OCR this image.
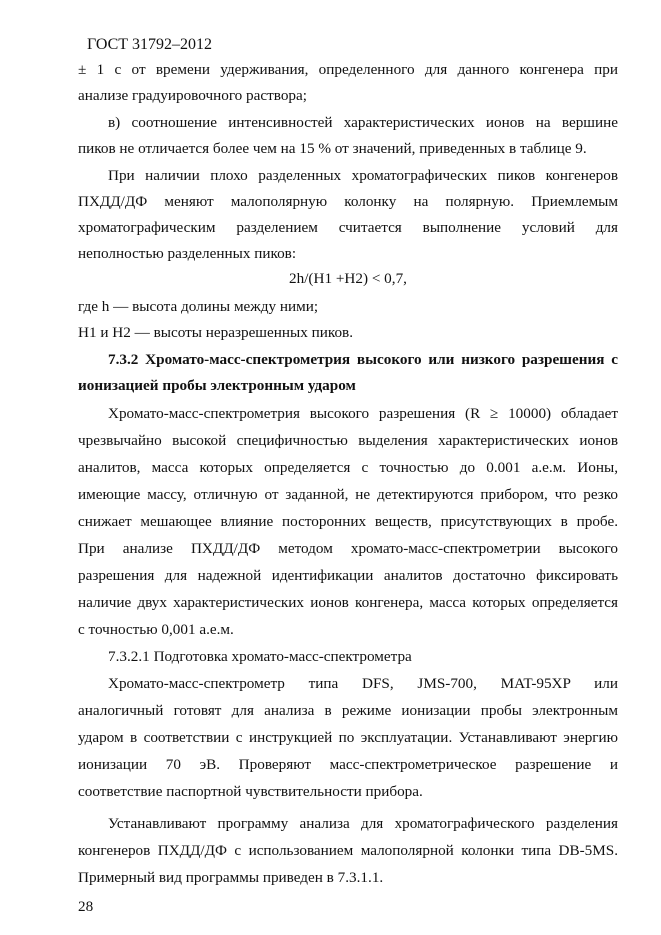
ГОСТ 31792–2012
± 1 с от времени удерживания, определенного для данного конгенера при
анализе градуировочного раствора;
в) соотношение интенсивностей характеристических ионов на вершине
пиков не отличается более чем на 15 % от значений, приведенных в таблице 9.
При наличии плохо разделенных хроматографических пиков конгенеров
ПХДД/ДФ меняют малополярную колонку на полярную. Приемлемым
хроматографическим разделением считается выполнение условий для
неполностью разделенных пиков:
2h/(H1 +H2) < 0,7,
где h — высота долины между ними;
H1 и H2 — высоты неразрешенных пиков.
7.3.2 Хромато-масс-спектрометрия высокого или низкого разрешения с
ионизацией пробы электронным ударом
Хромато-масс-спектрометрия высокого разрешения (R ≥ 10000) обладает
чрезвычайно высокой специфичностью выделения характеристических ионов
аналитов, масса которых определяется с точностью до 0.001 а.е.м. Ионы,
имеющие массу, отличную от заданной, не детектируются прибором, что резко
снижает мешающее влияние посторонних веществ, присутствующих в пробе.
При анализе ПХДД/ДФ методом хромато-масс-спектрометрии высокого
разрешения для надежной идентификации аналитов достаточно фиксировать
наличие двух характеристических ионов конгенера, масса которых определяется
с точностью 0,001 а.е.м.
7.3.2.1 Подготовка хромато-масс-спектрометра
Хромато-масс-спектрометр типа DFS, JMS-700, MAT-95XP или
аналогичный готовят для анализа в режиме ионизации пробы электронным
ударом в соответствии с инструкцией по эксплуатации. Устанавливают энергию
ионизации 70 эВ. Проверяют масс-спектрометрическое разрешение и
соответствие паспортной чувствительности прибора.
Устанавливают программу анализа для хроматографического разделения
конгенеров ПХДД/ДФ с использованием малополярной колонки типа DB-5MS.
Примерный вид программы приведен в 7.3.1.1.
28
